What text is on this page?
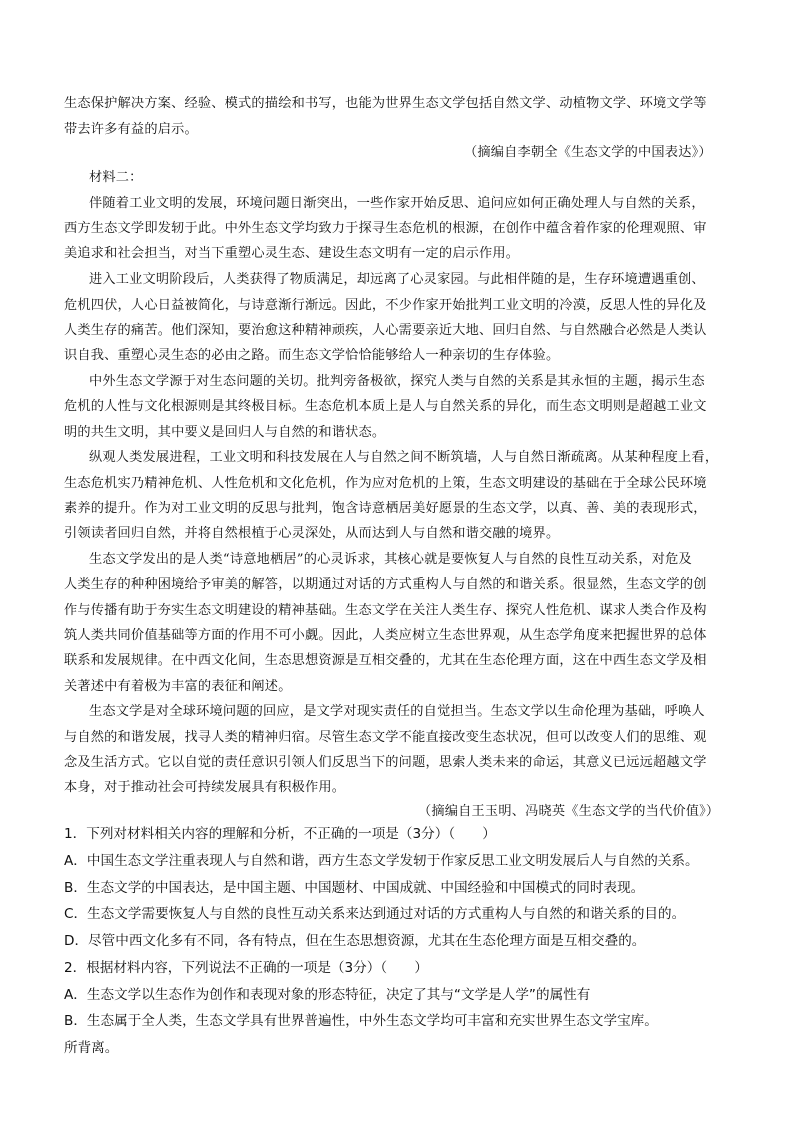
生态保护解决方案、经验、模式的描绘和书写，也能为世界生态文学包括自然文学、动植物文学、环境文学等
带去许多有益的启示。
（摘编自李朝全《生态文学的中国表达》）
材料二：
伴随着工业文明的发展，环境问题日渐突出，一些作家开始反思、追问应如何正确处理人与自然的关系，
西方生态文学即发轫于此。中外生态文学均致力于探寻生态危机的根源，在创作中蕴含着作家的伦理观照、审
美追求和社会担当，对当下重塑心灵生态、建设生态文明有一定的启示作用。
进入工业文明阶段后，人类获得了物质满足，却远离了心灵家园。与此相伴随的是，生存环境遭遇重创、
危机四伏，人心日益被简化，与诗意渐行渐远。因此，不少作家开始批判工业文明的冷漠，反思人性的异化及
人类生存的痛苦。他们深知，要治愈这种精神顽疾，人心需要亲近大地、回归自然、与自然融合必然是人类认
识自我、重塑心灵生态的必由之路。而生态文学恰恰能够给人一种亲切的生存体验。
中外生态文学源于对生态问题的关切。批判旁备极欲，探究人类与自然的关系是其永恒的主题，揭示生态
危机的人性与文化根源则是其终极目标。生态危机本质上是人与自然关系的异化，而生态文明则是超越工业文
明的共生文明，其中要义是回归人与自然的和谐状态。
纵观人类发展进程，工业文明和科技发展在人与自然之间不断筑墙，人与自然日渐疏离。从某种程度上看，
生态危机实乃精神危机、人性危机和文化危机，作为应对危机的上策，生态文明建设的基础在于全球公民环境
素养的提升。作为对工业文明的反思与批判，饱含诗意栖居美好愿景的生态文学，以真、善、美的表现形式，
引领读者回归自然，并将自然根植于心灵深处，从而达到人与自然和谐交融的境界。
生态文学发出的是人类“诗意地栖居”的心灵诉求，其核心就是要恢复人与自然的良性互动关系，对危及
人类生存的种种困境给予审美的解答，以期通过对话的方式重构人与自然的和谐关系。很显然，生态文学的创
作与传播有助于夯实生态文明建设的精神基础。生态文学在关注人类生存、探究人性危机、谋求人类合作及构
筑人类共同价值基础等方面的作用不可小觑。因此，人类应树立生态世界观，从生态学角度来把握世界的总体
联系和发展规律。在中西文化间，生态思想资源是互相交叠的，尤其在生态伦理方面，这在中西生态文学及相
关著述中有着极为丰富的表征和阐述。
生态文学是对全球环境问题的回应，是文学对现实责任的自觉担当。生态文学以生命伦理为基础，呼唤人
与自然的和谐发展，找寻人类的精神归宿。尽管生态文学不能直接改变生态状况，但可以改变人们的思维、观
念及生活方式。它以自觉的责任意识引领人们反思当下的问题，思索人类未来的命运，其意义已远远超越文学
本身，对于推动社会可持续发展具有积极作用。
（摘编自王玉明、冯晓英《生态文学的当代价值》）
1．下列对材料相关内容的理解和分析，不正确的一项是（3分）（　　）
A．中国生态文学注重表现人与自然和谐，西方生态文学发轫于作家反思工业文明发展后人与自然的关系。
B．生态文学的中国表达，是中国主题、中国题材、中国成就、中国经验和中国模式的同时表现。
C．生态文学需要恢复人与自然的良性互动关系来达到通过对话的方式重构人与自然的和谐关系的目的。
D．尽管中西文化多有不同，各有特点，但在生态思想资源，尤其在生态伦理方面是互相交叠的。
2．根据材料内容，下列说法不正确的一项是（3分）（　　）
A．生态文学以生态作为创作和表现对象的形态特征，决定了其与“文学是人学”的属性有
B．生态属于全人类，生态文学具有世界普遍性，中外生态文学均可丰富和充实世界生态文学宝库。
所背离。
